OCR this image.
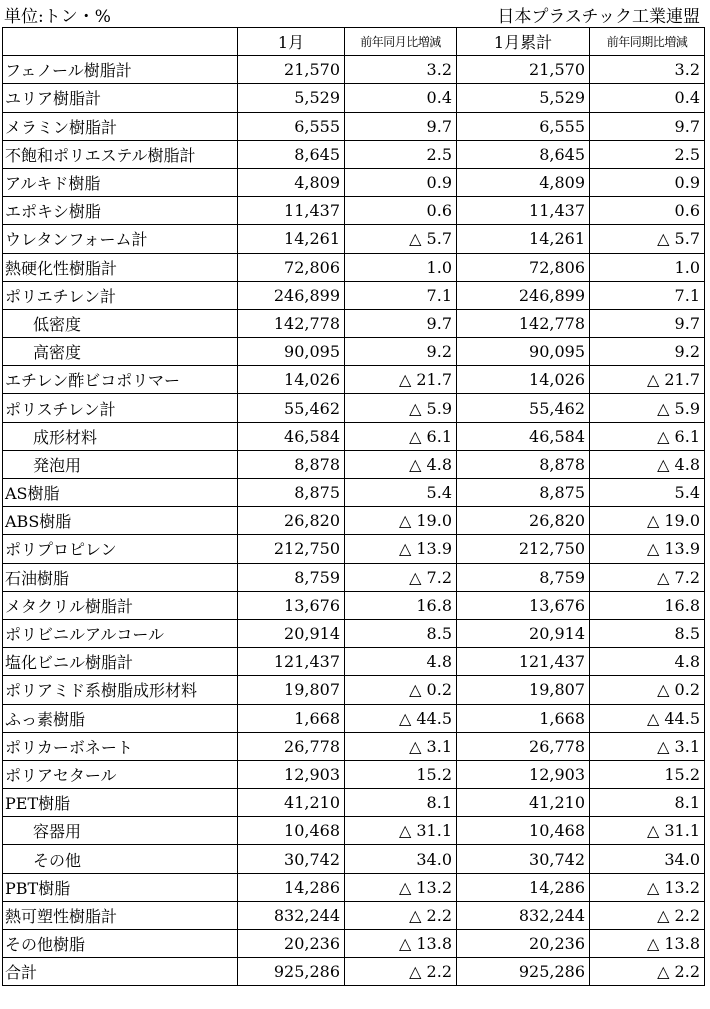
単位:トン・%	日本プラスチック工業連盟
	1月	前年同月比増減	1月累計	前年同期比増減
フェノール樹脂計	21,570	3.2	21,570	3.2
ユリア樹脂計	5,529	0.4	5,529	0.4
メラミン樹脂計	6,555	9.7	6,555	9.7
不飽和ポリエステル樹脂計	8,645	2.5	8,645	2.5
アルキド樹脂	4,809	0.9	4,809	0.9
エポキシ樹脂	11,437	0.6	11,437	0.6
ウレタンフォーム計	14,261	△ 5.7	14,261	△ 5.7
熱硬化性樹脂計	72,806	1.0	72,806	1.0
ポリエチレン計	246,899	7.1	246,899	7.1
低密度	142,778	9.7	142,778	9.7
高密度	90,095	9.2	90,095	9.2
エチレン酢ビコポリマー	14,026	△ 21.7	14,026	△ 21.7
ポリスチレン計	55,462	△ 5.9	55,462	△ 5.9
成形材料	46,584	△ 6.1	46,584	△ 6.1
発泡用	8,878	△ 4.8	8,878	△ 4.8
AS樹脂	8,875	5.4	8,875	5.4
ABS樹脂	26,820	△ 19.0	26,820	△ 19.0
ポリプロピレン	212,750	△ 13.9	212,750	△ 13.9
石油樹脂	8,759	△ 7.2	8,759	△ 7.2
メタクリル樹脂計	13,676	16.8	13,676	16.8
ポリビニルアルコール	20,914	8.5	20,914	8.5
塩化ビニル樹脂計	121,437	4.8	121,437	4.8
ポリアミド系樹脂成形材料	19,807	△ 0.2	19,807	△ 0.2
ふっ素樹脂	1,668	△ 44.5	1,668	△ 44.5
ポリカーボネート	26,778	△ 3.1	26,778	△ 3.1
ポリアセタール	12,903	15.2	12,903	15.2
PET樹脂	41,210	8.1	41,210	8.1
容器用	10,468	△ 31.1	10,468	△ 31.1
その他	30,742	34.0	30,742	34.0
PBT樹脂	14,286	△ 13.2	14,286	△ 13.2
熱可塑性樹脂計	832,244	△ 2.2	832,244	△ 2.2
その他樹脂	20,236	△ 13.8	20,236	△ 13.8
合計	925,286	△ 2.2	925,286	△ 2.2
